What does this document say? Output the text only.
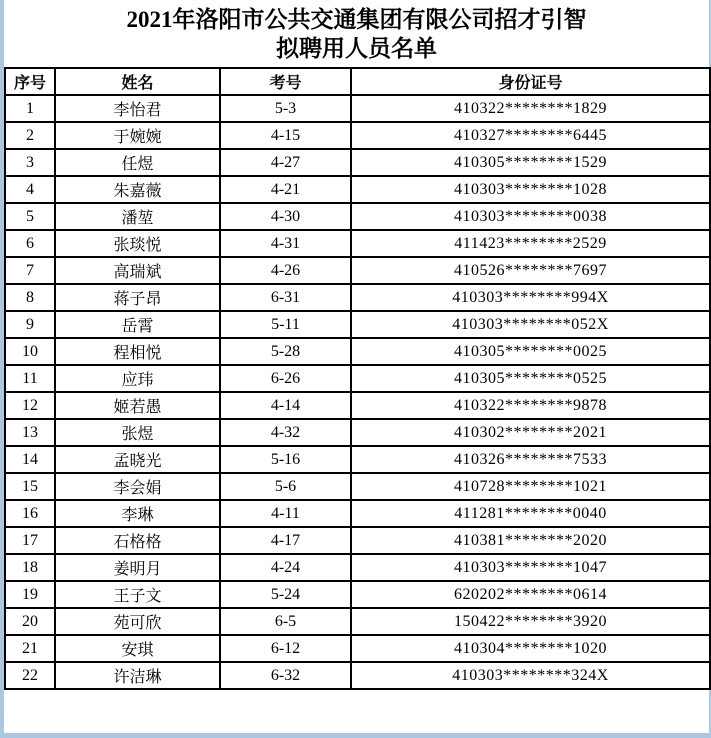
2021年洛阳市公共交通集团有限公司招才引智
拟聘用人员名单
序号	姓名	考号	身份证号
1	李怡君	5-3	410322********1829
2	于婉婉	4-15	410327********6445
3	任煜	4-27	410305********1529
4	朱嘉薇	4-21	410303********1028
5	潘堃	4-30	410303********0038
6	张琰悦	4-31	411423********2529
7	高瑞斌	4-26	410526********7697
8	蒋子昂	6-31	410303********994X
9	岳霄	5-11	410303********052X
10	程相悦	5-28	410305********0025
11	应玮	6-26	410305********0525
12	姬若愚	4-14	410322********9878
13	张煜	4-32	410302********2021
14	孟晓光	5-16	410326********7533
15	李会娟	5-6	410728********1021
16	李琳	4-11	411281********0040
17	石格格	4-17	410381********2020
18	姜明月	4-24	410303********1047
19	王子文	5-24	620202********0614
20	苑可欣	6-5	150422********3920
21	安琪	6-12	410304********1020
22	许洁琳	6-32	410303********324X
